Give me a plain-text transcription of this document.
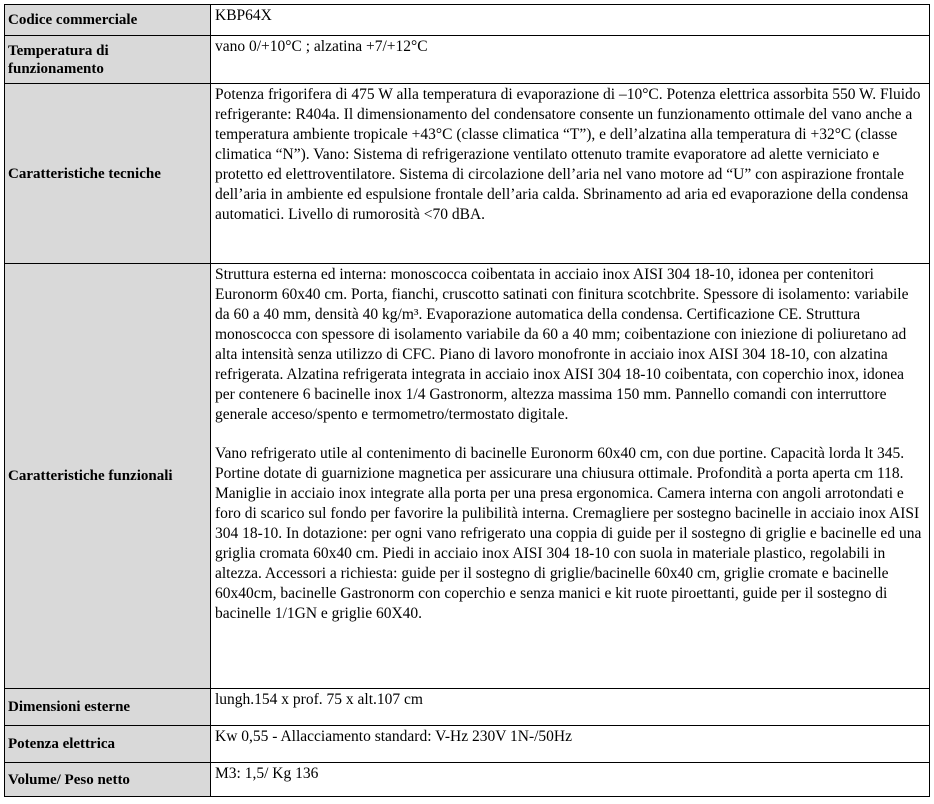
Codice commerciale	KBP64X
Temperatura di funzionamento	vano 0/+10°C ; alzatina +7/+12°C
Caratteristiche tecniche	Potenza frigorifera di 475 W alla temperatura di evaporazione di –10°C. Potenza elettrica assorbita 550 W. Fluido refrigerante: R404a. Il dimensionamento del condensatore consente un funzionamento ottimale del vano anche a temperatura ambiente tropicale +43°C (classe climatica “T”), e dell’alzatina alla temperatura di +32°C (classe climatica “N”). Vano: Sistema di refrigerazione ventilato ottenuto tramite evaporatore ad alette verniciato e protetto ed elettroventilatore. Sistema di circolazione dell’aria nel vano motore ad “U” con aspirazione frontale dell’aria in ambiente ed espulsione frontale dell’aria calda. Sbrinamento ad aria ed evaporazione della condensa automatici. Livello di rumorosità <70 dBA.
Caratteristiche funzionali	Struttura esterna ed interna: monoscocca coibentata in acciaio inox AISI 304 18-10, idonea per contenitori Euronorm 60x40 cm. Porta, fianchi, cruscotto satinati con finitura scotchbrite. Spessore di isolamento: variabile da 60 a 40 mm, densità 40 kg/m³. Evaporazione automatica della condensa. Certificazione CE. Struttura monoscocca con spessore di isolamento variabile da 60 a 40 mm; coibentazione con iniezione di poliuretano ad alta intensità senza utilizzo di CFC. Piano di lavoro monofronte in acciaio inox AISI 304 18-10, con alzatina refrigerata. Alzatina refrigerata integrata in acciaio inox AISI 304 18-10 coibentata, con coperchio inox, idonea per contenere 6 bacinelle inox 1/4 Gastronorm, altezza massima 150 mm. Pannello comandi con interruttore generale acceso/spento e termometro/termostato digitale.

Vano refrigerato utile al contenimento di bacinelle Euronorm 60x40 cm, con due portine. Capacità lorda lt 345. Portine dotate di guarnizione magnetica per assicurare una chiusura ottimale. Profondità a porta aperta cm 118. Maniglie in acciaio inox integrate alla porta per una presa ergonomica. Camera interna con angoli arrotondati e foro di scarico sul fondo per favorire la pulibilità interna. Cremagliere per sostegno bacinelle in acciaio inox AISI 304 18-10. In dotazione: per ogni vano refrigerato una coppia di guide per il sostegno di griglie e bacinelle ed una griglia cromata 60x40 cm. Piedi in acciaio inox AISI 304 18-10 con suola in materiale plastico, regolabili in altezza. Accessori a richiesta: guide per il sostegno di griglie/bacinelle 60x40 cm, griglie cromate e bacinelle 60x40cm, bacinelle Gastronorm con coperchio e senza manici e kit ruote piroettanti, guide per il sostegno di bacinelle 1/1GN e griglie 60X40.

Dimensioni esterne	lungh.154 x prof. 75 x alt.107 cm
Potenza elettrica	Kw 0,55 - Allacciamento standard: V-Hz 230V 1N-/50Hz
Volume/ Peso netto	M3: 1,5/ Kg 136
